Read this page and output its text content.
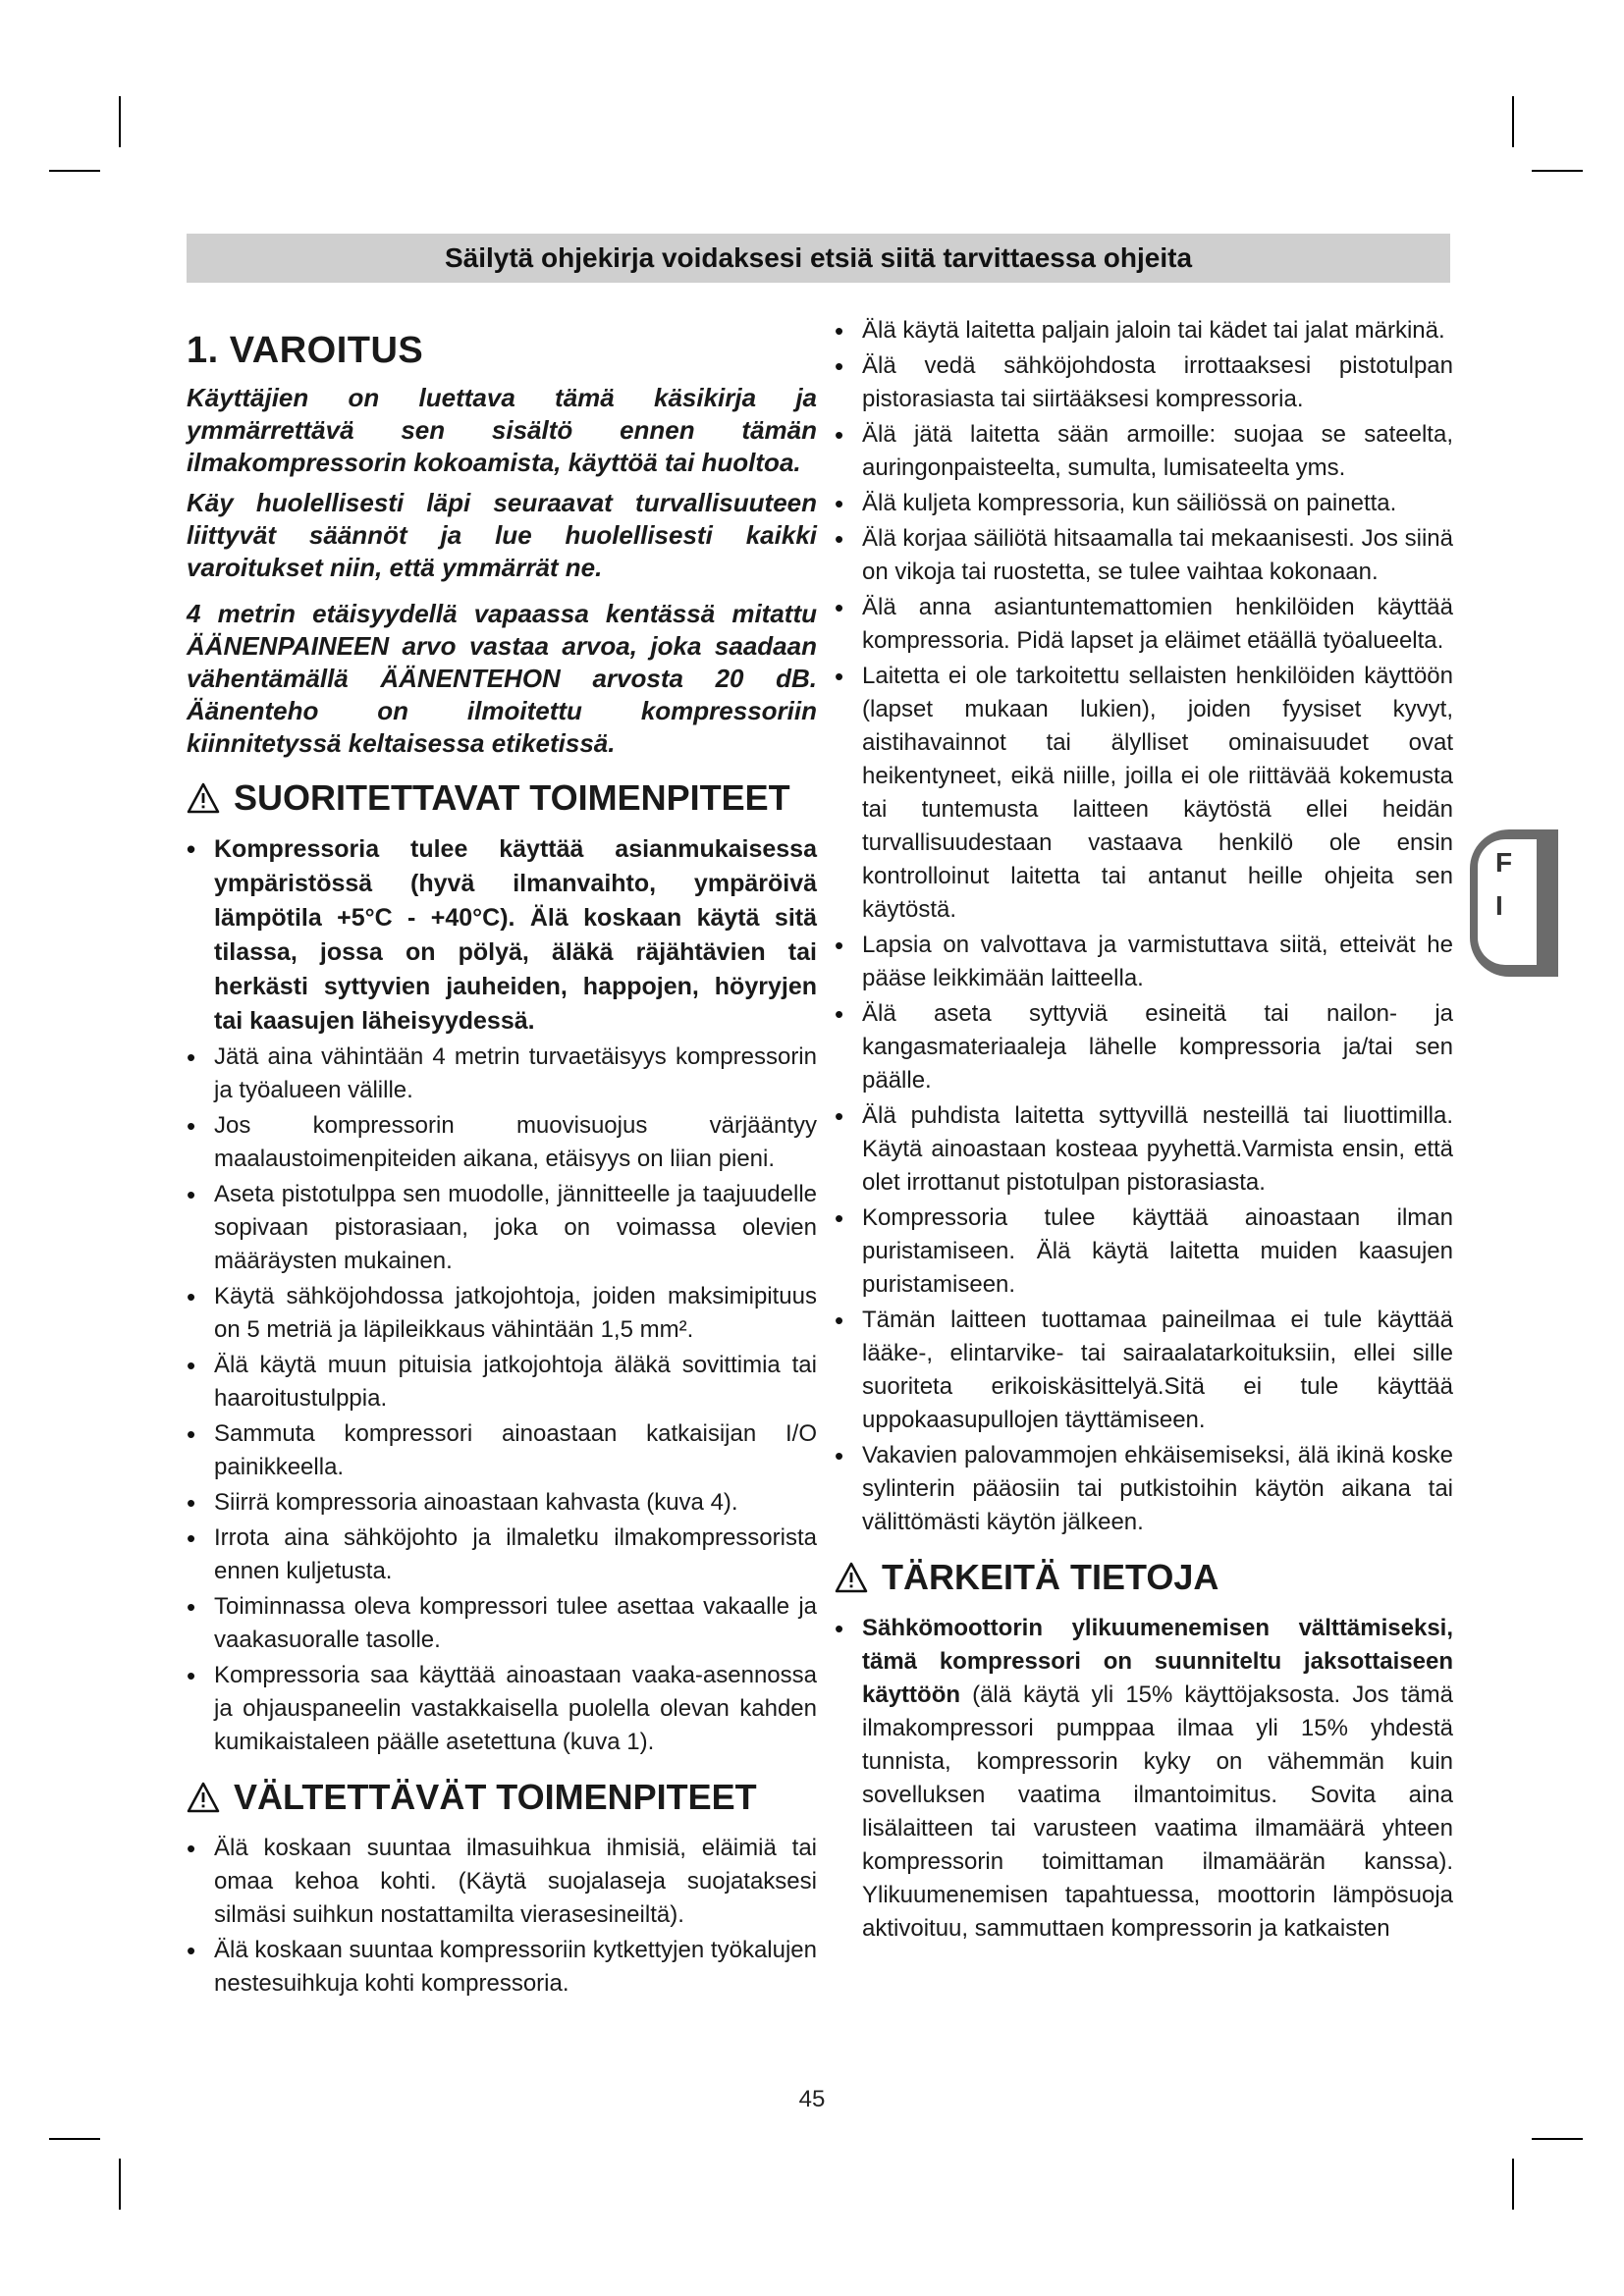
Säilytä ohjekirja voidaksesi etsiä siitä tarvittaessa ohjeita
1. VAROITUS

Käyttäjien on luettava tämä käsikirja ja ymmärrettävä sen sisältö ennen tämän ilmakompressorin kokoamista, käyttöä tai huoltoa.

Käy huolellisesti läpi seuraavat turvallisuuteen liittyvät säännöt ja lue huolellisesti kaikki varoitukset niin, että ymmärrät ne.

4 metrin etäisyydellä vapaassa kentässä mitattu ÄÄNENPAINEEN arvo vastaa arvoa, joka saadaan vähentämällä ÄÄNENTEHON arvosta 20 dB. Äänenteho on ilmoitettu kompressoriin kiinnitetyssä keltaisessa etiketissä.

SUORITETTAVAT TOIMENPITEET
• Kompressoria tulee käyttää asianmukaisessa ympäristössä (hyvä ilmanvaihto, ympäröivä lämpötila +5°C - +40°C). Älä koskaan käytä sitä tilassa, jossa on pölyä, äläkä räjähtävien tai herkästi syttyvien jauheiden, happojen, höyryjen tai kaasujen läheisyydessä.
• Jätä aina vähintään 4 metrin turvaetäisyys kompressorin ja työalueen välille.
• Jos kompressorin muovisuojus värjääntyy maalaustoimenpiteiden aikana, etäisyys on liian pieni.
• Aseta pistotulppa sen muodolle, jännitteelle ja taajuudelle sopivaan pistorasiaan, joka on voimassa olevien määräysten mukainen.
• Käytä sähköjohdossa jatkojohtoja, joiden maksimipituus on 5 metriä ja läpileikkaus vähintään 1,5 mm².
• Älä käytä muun pituisia jatkojohtoja äläkä sovittimia tai haaroitustulppia.
• Sammuta kompressori ainoastaan katkaisijan I/O painikkeella.
• Siirrä kompressoria ainoastaan kahvasta (kuva 4).
• Irrota aina sähköjohto ja ilmaletku ilmakompressorista ennen kuljetusta.
• Toiminnassa oleva kompressori tulee asettaa vakaalle ja vaakasuoralle tasolle.
• Kompressoria saa käyttää ainoastaan vaaka-asennossa ja ohjauspaneelin vastakkaisella puolella olevan kahden kumikaistaleen päälle asetettuna (kuva 1).
VÄLTETTÄVÄT TOIMENPITEET
• Älä koskaan suuntaa ilmasuihkua ihmisiä, eläimiä tai omaa kehoa kohti. (Käytä suojalaseja suojataksesi silmäsi suihkun nostattamilta vierasesineiltä).
• Älä koskaan suuntaa kompressoriin kytkettyjen työkalujen nestesuihkuja kohti kompressoria.
• Älä käytä laitetta paljain jaloin tai kädet tai jalat märkinä.
• Älä vedä sähköjohdosta irrottaaksesi pistotulpan pistorasiasta tai siirtääksesi kompressoria.
• Älä jätä laitetta sään armoille: suojaa se sateelta, auringonpaisteelta, sumulta, lumisateelta yms.
• Älä kuljeta kompressoria, kun säiliössä on painetta.
• Älä korjaa säiliötä hitsaamalla tai mekaanisesti. Jos siinä on vikoja tai ruostetta, se tulee vaihtaa kokonaan.
• Älä anna asiantuntemattomien henkilöiden käyttää kompressoria. Pidä lapset ja eläimet etäällä työalueelta.
• Laitetta ei ole tarkoitettu sellaisten henkilöiden käyttöön (lapset mukaan lukien), joiden fyysiset kyvyt, aistihavainnot tai älylliset ominaisuudet ovat heikentyneet, eikä niille, joilla ei ole riittävää kokemusta tai tuntemusta laitteen käytöstä ellei heidän turvallisuudestaan vastaava henkilö ole ensin kontrolloinut laitetta tai antanut heille ohjeita sen käytöstä.
• Lapsia on valvottava ja varmistuttava siitä, etteivät he pääse leikkimään laitteella.
• Älä aseta syttyviä esineitä tai nailon- ja kangasmateriaaleja lähelle kompressoria ja/tai sen päälle.
• Älä puhdista laitetta syttyvillä nesteillä tai liuottimilla. Käytä ainoastaan kosteaa pyyhettä.Varmista ensin, että olet irrottanut pistotulpan pistorasiasta.
• Kompressoria tulee käyttää ainoastaan ilman puristamiseen. Älä käytä laitetta muiden kaasujen puristamiseen.
• Tämän laitteen tuottamaa paineilmaa ei tule käyttää lääke-, elintarvike- tai sairaalatarkoituksiin, ellei sille suoriteta erikoiskäsittelyä.Sitä ei tule käyttää uppokaasupullojen täyttämiseen.
• Vakavien palovammojen ehkäisemiseksi, älä ikinä koske sylinterin pääosiin tai putkistoihin käytön aikana tai välittömästi käytön jälkeen.
TÄRKEITÄ TIETOJA
• Sähkömoottorin ylikuumenemisen välttämiseksi, tämä kompressori on suunniteltu jaksottaiseen käyttöön (älä käytä yli 15% käyttöjaksosta. Jos tämä ilmakompressori pumppaa ilmaa yli 15% yhdestä tunnista, kompressorin kyky on vähemmän kuin sovelluksen vaatima ilmantoimitus. Sovita aina lisälaitteen tai varusteen vaatima ilmamäärä yhteen kompressorin toimittaman ilmamäärän kanssa). Ylikuumenemisen tapahtuessa, moottorin lämpösuoja aktivoituu, sammuttaen kompressorin ja katkaisten
F
I
45
